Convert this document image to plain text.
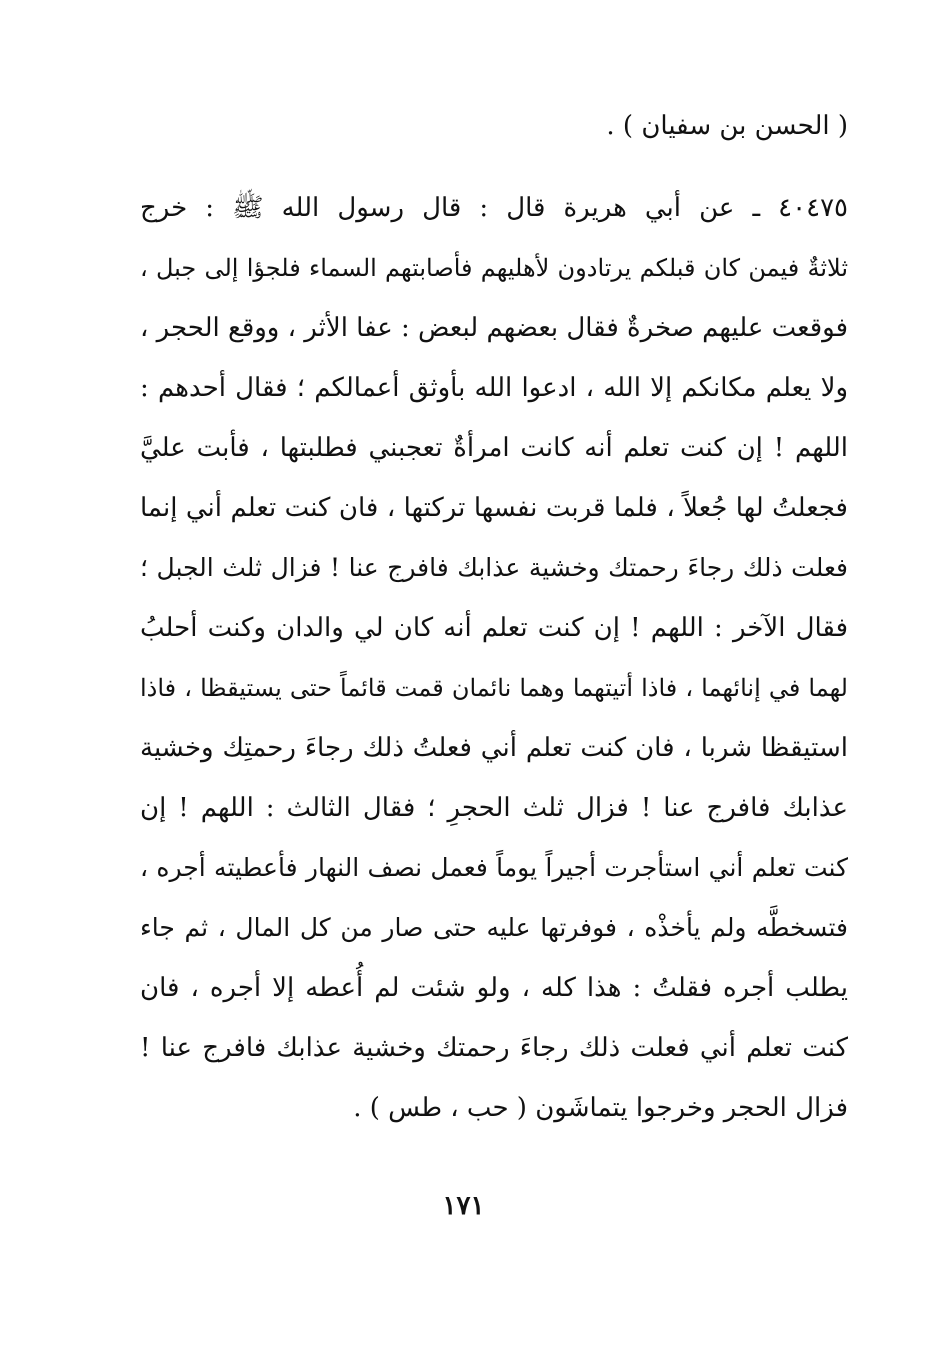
( الحسن بن سفيان ) .
٤٠٤٧٥ ـ عن أبي هريرة قال : قال رسول الله ﷺ : خرج
ثلاثةٌ فيمن كان قبلكم يرتادون لأهليهم فأصابتهم السماء فلجؤا إلى جبل ،
فوقعت عليهم صخرةٌ فقال بعضهم لبعض : عفا الأثر ، ووقع الحجر ،
ولا يعلم مكانكم إلا الله ، ادعوا الله بأوثق أعمالكم ؛ فقال أحدهم :
اللهم ! إن كنت تعلم أنه كانت امرأةٌ تعجبني فطلبتها ، فأبت عليَّ
فجعلتُ لها جُعلاً ، فلما قربت نفسها تركتها ، فان كنت تعلم أني إنما
فعلت ذلك رجاءَ رحمتك وخشية عذابك فافرج عنا ! فزال ثلث الجبل ؛
فقال الآخر : اللهم ! إن كنت تعلم أنه كان لي والدان وكنت أحلبُ
لهما في إنائهما ، فاذا أتيتهما وهما نائمان قمت قائماً حتى يستيقظا ، فاذا
استيقظا شربا ، فان كنت تعلم أني فعلتُ ذلك رجاءَ رحمتِك وخشية
عذابك فافرج عنا ! فزال ثلث الحجرِ ؛ فقال الثالث : اللهم ! إن
كنت تعلم أني استأجرت أجيراً يوماً فعمل نصف النهار فأعطيته أجره ،
فتسخطَّه ولم يأخذْه ، فوفرتها عليه حتى صار من كل المال ، ثم جاء
يطلب أجره فقلتُ : هذا كله ، ولو شئت لم أُعطه إلا أجره ، فان
كنت تعلم أني فعلت ذلك رجاءَ رحمتك وخشية عذابك فافرج عنا !
فزال الحجر وخرجوا يتماشَون ( حب ، طس ) .
١٧١
